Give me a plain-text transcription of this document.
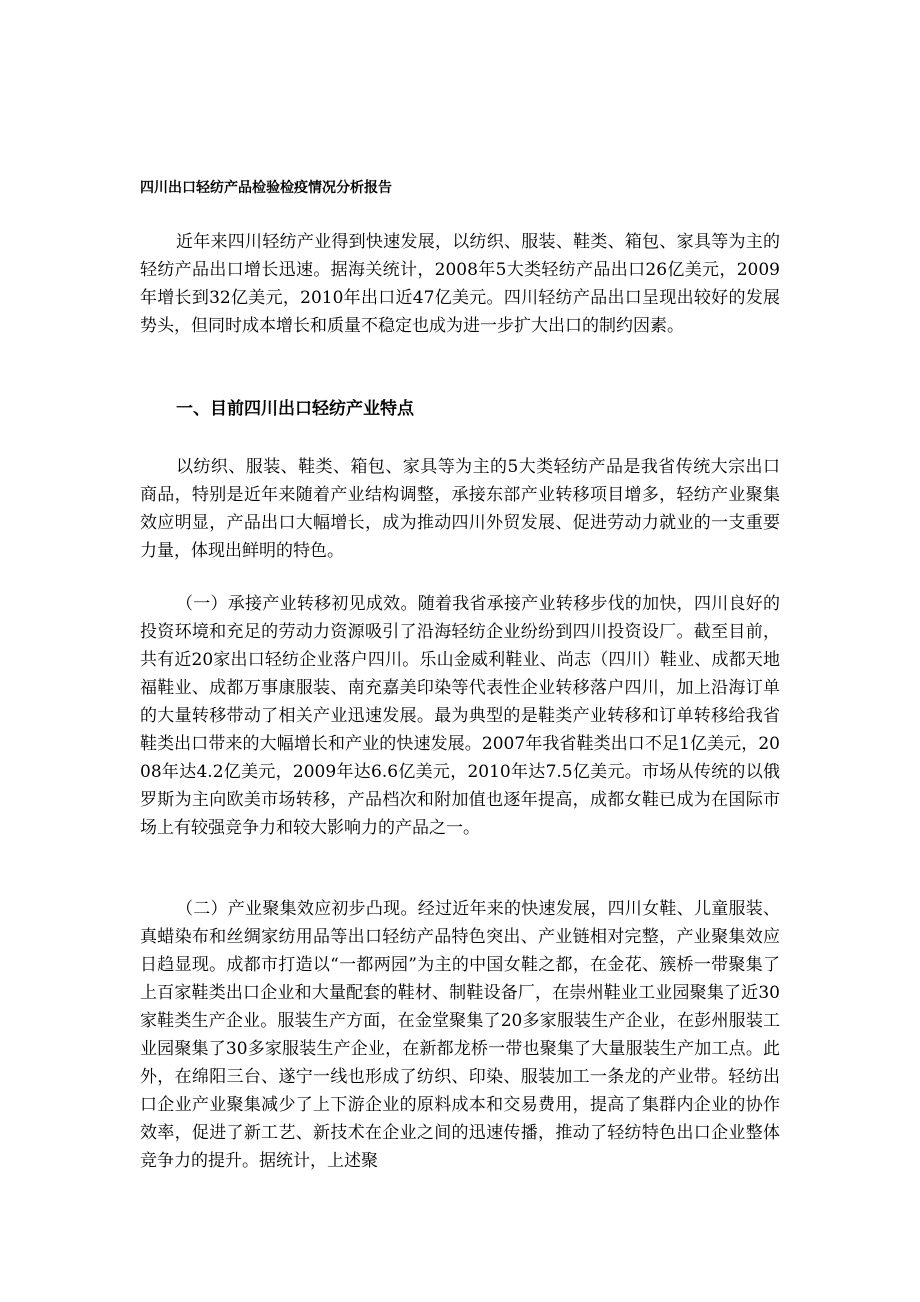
四川出口轻纺产品检验检疫情况分析报告

近年来四川轻纺产业得到快速发展，以纺织、服装、鞋类、箱包、家具等为主的轻纺产品出口增长迅速。据海关统计，2008年5大类轻纺产品出口26亿美元，2009年增长到32亿美元，2010年出口近47亿美元。四川轻纺产品出口呈现出较好的发展势头，但同时成本增长和质量不稳定也成为进一步扩大出口的制约因素。

一、目前四川出口轻纺产业特点

以纺织、服装、鞋类、箱包、家具等为主的5大类轻纺产品是我省传统大宗出口商品，特别是近年来随着产业结构调整，承接东部产业转移项目增多，轻纺产业聚集效应明显，产品出口大幅增长，成为推动四川外贸发展、促进劳动力就业的一支重要力量，体现出鲜明的特色。

（一）承接产业转移初见成效。随着我省承接产业转移步伐的加快，四川良好的投资环境和充足的劳动力资源吸引了沿海轻纺企业纷纷到四川投资设厂。截至目前，共有近20家出口轻纺企业落户四川。乐山金威利鞋业、尚志（四川）鞋业、成都天地福鞋业、成都万事康服装、南充嘉美印染等代表性企业转移落户四川，加上沿海订单的大量转移带动了相关产业迅速发展。最为典型的是鞋类产业转移和订单转移给我省鞋类出口带来的大幅增长和产业的快速发展。2007年我省鞋类出口不足1亿美元，2008年达4.2亿美元，2009年达6.6亿美元，2010年达7.5亿美元。市场从传统的以俄罗斯为主向欧美市场转移，产品档次和附加值也逐年提高，成都女鞋已成为在国际市场上有较强竞争力和较大影响力的产品之一。

（二）产业聚集效应初步凸现。经过近年来的快速发展，四川女鞋、儿童服装、真蜡染布和丝绸家纺用品等出口轻纺产品特色突出、产业链相对完整，产业聚集效应日趋显现。成都市打造以“一都两园”为主的中国女鞋之都，在金花、簇桥一带聚集了上百家鞋类出口企业和大量配套的鞋材、制鞋设备厂，在崇州鞋业工业园聚集了近30家鞋类生产企业。服装生产方面，在金堂聚集了20多家服装生产企业，在彭州服装工业园聚集了30多家服装生产企业，在新都龙桥一带也聚集了大量服装生产加工点。此外，在绵阳三台、遂宁一线也形成了纺织、印染、服装加工一条龙的产业带。轻纺出口企业产业聚集减少了上下游企业的原料成本和交易费用，提高了集群内企业的协作效率，促进了新工艺、新技术在企业之间的迅速传播，推动了轻纺特色出口企业整体竞争力的提升。据统计，上述聚
